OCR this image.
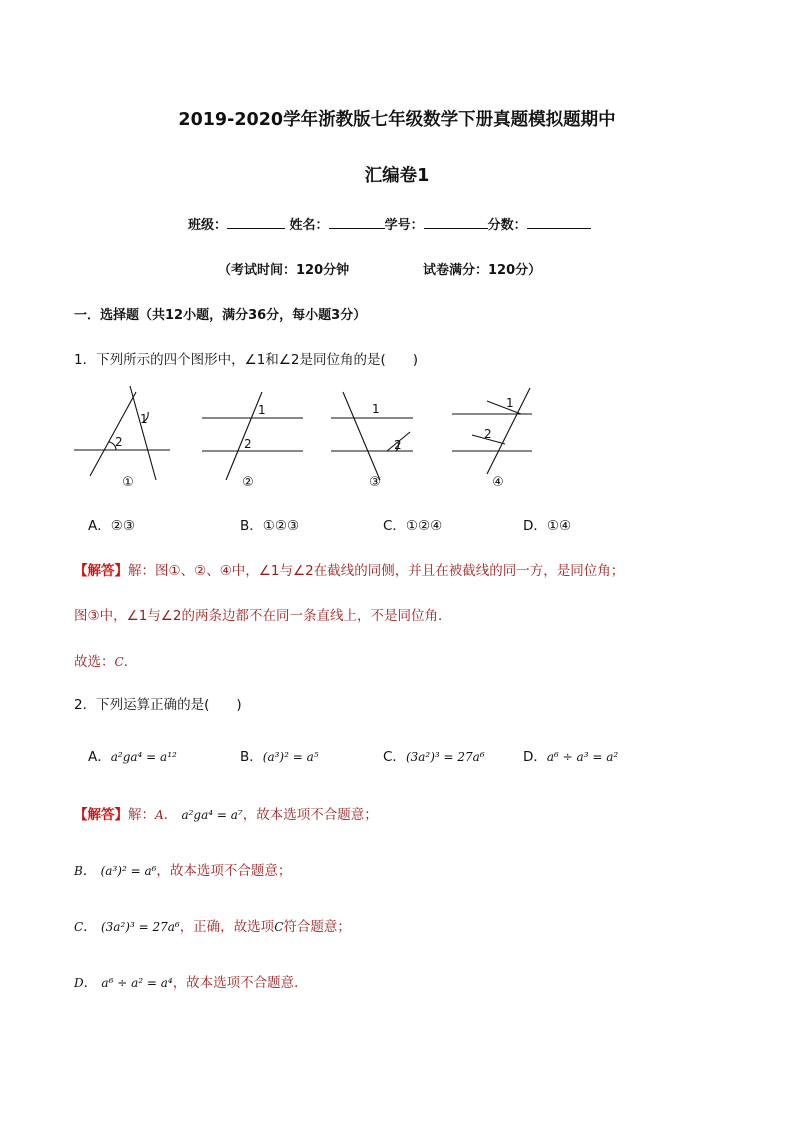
2019-2020学年浙教版七年级数学下册真题模拟题期中
汇编卷1
班级：	姓名：	学号：	分数：
（考试时间：120分钟	试卷满分：120分）
一．选择题（共12小题，满分36分，每小题3分）
1．下列所示的四个图形中，∠1和∠2是同位角的是(　　)
1
2
1
2
1
2
1
2
①	②	③	④
A．②③	B．①②③	C．①②④	D．①④
【解答】解：图①、②、④中，∠1与∠2在截线的同侧，并且在被截线的同一方，是同位角；
图③中，∠1与∠2的两条边都不在同一条直线上，不是同位角．
故选：C．
2．下列运算正确的是(　　)
A．a²ga⁴ = a¹²	B．(a³)² = a⁵	C．(3a²)³ = 27a⁶	D．a⁶ ÷ a³ = a²
【解答】解：A． a²ga⁴ = a⁷，故本选项不合题意；
B． (a³)² = a⁶，故本选项不合题意；
C． (3a²)³ = 27a⁶，正确，故选项C符合题意；
D． a⁶ ÷ a² = a⁴，故本选项不合题意．
